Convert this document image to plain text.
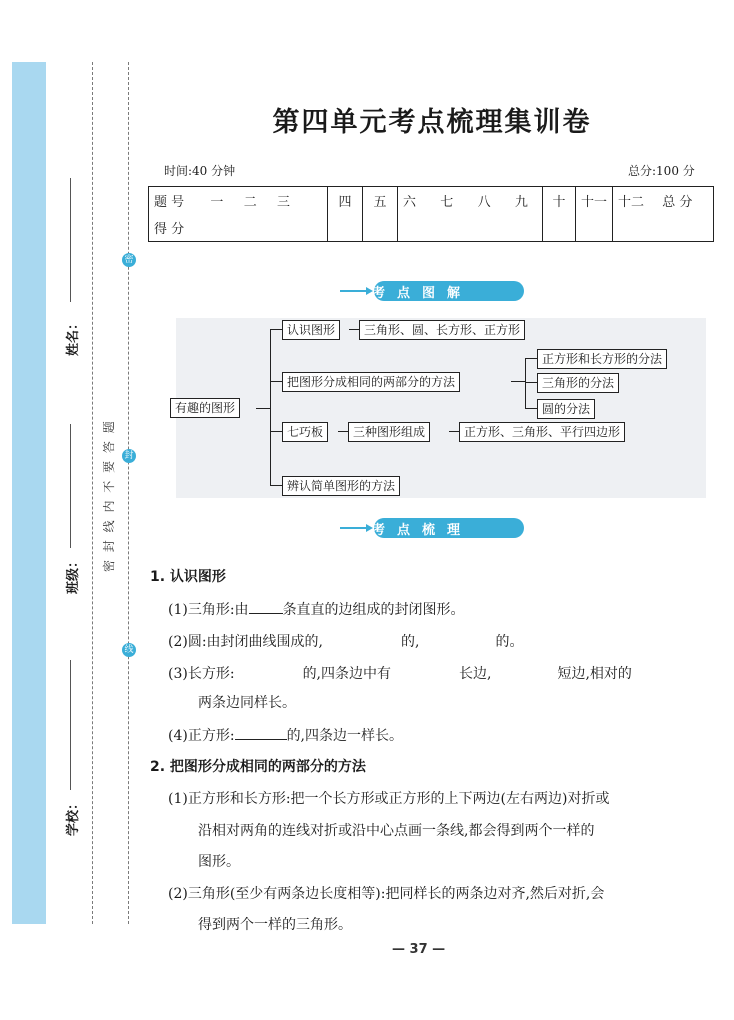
姓名：
班级：
学校：
密 封 线 内 不 要 答 题
密
封
线
第四单元考点梳理集训卷
时间:40 分钟	总分:100 分
题 号 一 二 三	四	五	六 七 八 九	十	十一	十二 总 分
得 分						
考点图解
有趣的图形
认识图形	三角形、圆、长方形、正方形
把图形分成相同的两部分的方法
正方形和长方形的分法
三角形的分法
圆的分法
七巧板	三种图形组成	正方形、三角形、平行四边形
辨认简单图形的方法
考点梳理
1. 认识图形
(1)三角形:由 条直直的边组成的封闭图形。
(2)圆:由封闭曲线围成的,	的,	的。
(3)长方形:	的,四条边中有	长边,	短边,相对的
两条边同样长。
(4)正方形:	的,四条边一样长。
2. 把图形分成相同的两部分的方法
(1)正方形和长方形:把一个长方形或正方形的上下两边(左右两边)对折或
沿相对两角的连线对折或沿中心点画一条线,都会得到两个一样的
图形。
(2)三角形(至少有两条边长度相等):把同样长的两条边对齐,然后对折,会
得到两个一样的三角形。
— 37 —
